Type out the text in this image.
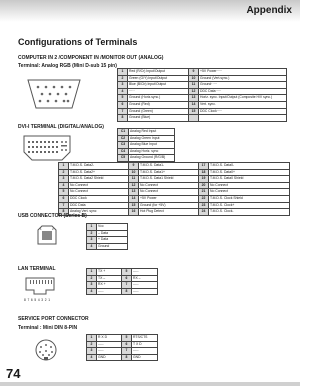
Appendix
Configurations of Terminals
COMPUTER IN 2 /COMPONENT IN /MONITOR OUT (ANALOG)
Terminal: Analog RGB (Mini D-sub 15 pin)
1	Red (R/Cr) Input/Output	9	+5V Power·····
2	Green (G/Y) Input/Output	10	Ground (Vert.sync.)
3	Blue (B/Cb) Input/Output	11	Ground·····
4	·····	12	DDC Data·····
5	Ground (Horiz.sync.)	13	Horiz. sync. Input/Output (Composite H/V sync.)
6	Ground (Red)	14	Vert. sync.
7	Ground (Green)	15	DDC Clock·····
8	Ground (Blue)		
DVI-I TERMINAL (DIGITAL/ANALOG)
C1	Analog Red Input
C2	Analog Green Input
C3	Analog Blue Input
C4	Analog Horiz. sync
C5	Analog Ground (R/G/B)
1	T.M.D.S. Data2-	9	T.M.D.S. Data1-	17	T.M.D.S. Data0-
2	T.M.D.S. Data2+	10	T.M.D.S. Data1+	18	T.M.D.S. Data0+
3	T.M.D.S. Data2 Shield	11	T.M.D.S. Data1 Shield	19	T.M.D.S. Data0 Shield
4	No Connect	12	No Connect	20	No Connect
5	No Connect	13	No Connect	21	No Connect
6	DDC Clock	14	+5V Power	22	T.M.D.S. Clock Shield
7	DDC Data	15	Ground (for +5V)	23	T.M.D.S. Clock+
8	Analog Vert. sync	16	Hot Plug Detect	24	T.M.D.S. Clock-
USB CONNECTOR (Series B)
1	2
1	Vcc
2	– Data
3	+ Data
4	Ground
LAN TERMINAL
8 7 6 5 4 3 2 1
1	TX +	5	-----
2	TX –	6	RX –
3	RX +	7	-----
4	-----	8	-----
SERVICE PORT CONNECTOR
Terminal : Mini DIN 8-PIN
1	R X D	5	RTS/CTS
2	-----	6	T X D
3	-----	7	-----
4	GND	8	GND
74
